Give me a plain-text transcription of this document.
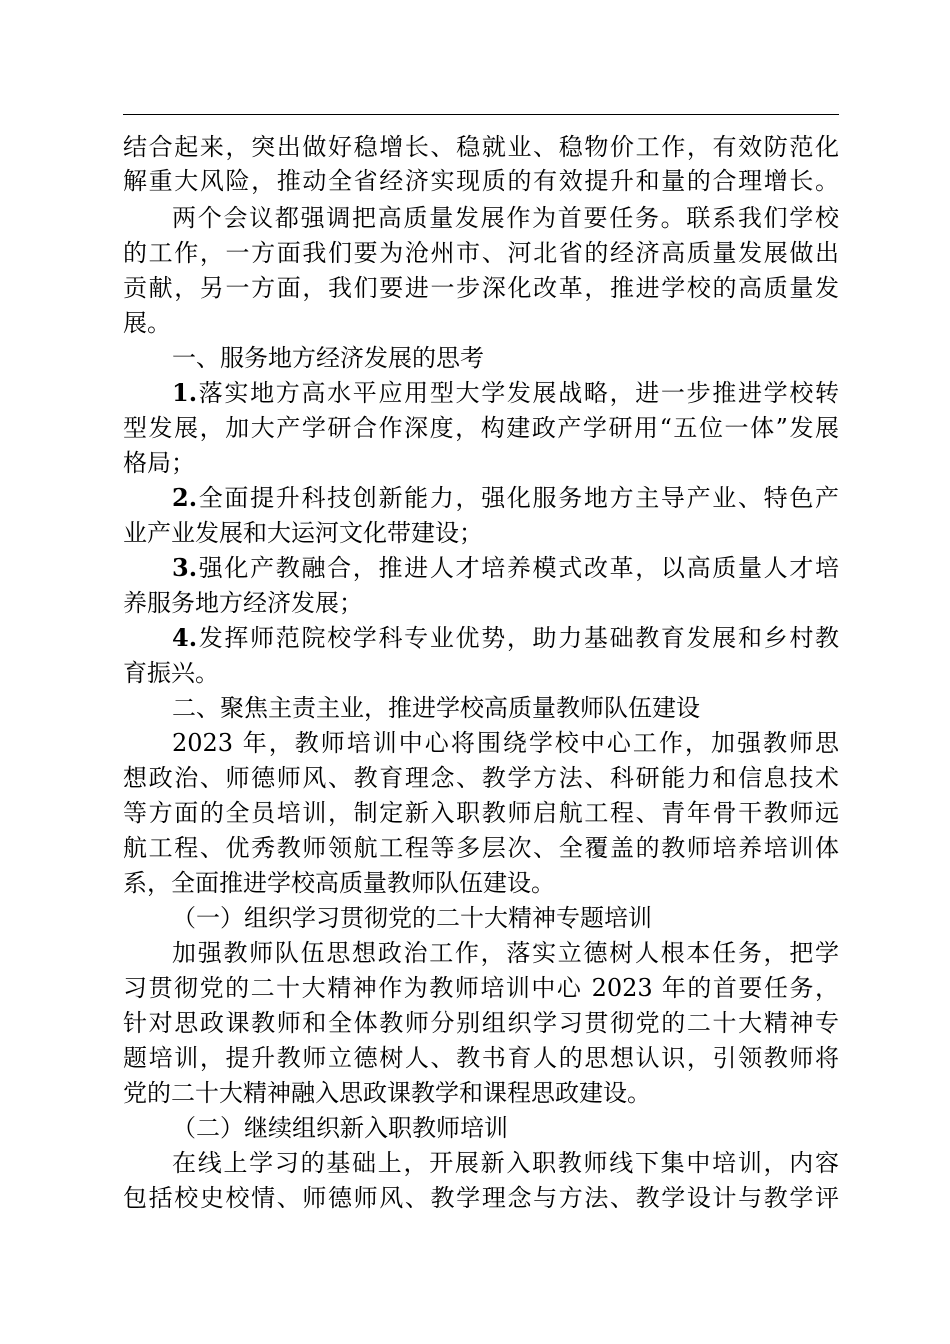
结合起来，突出做好稳增长、稳就业、稳物价工作，有效防范化
解重大风险，推动全省经济实现质的有效提升和量的合理增长。
两个会议都强调把高质量发展作为首要任务。联系我们学校
的工作，一方面我们要为沧州市、河北省的经济高质量发展做出
贡献，另一方面，我们要进一步深化改革，推进学校的高质量发
展。
一、服务地方经济发展的思考
1.落实地方高水平应用型大学发展战略，进一步推进学校转
型发展，加大产学研合作深度，构建政产学研用“五位一体”发展
格局；
2.全面提升科技创新能力，强化服务地方主导产业、特色产
业产业发展和大运河文化带建设；
3.强化产教融合，推进人才培养模式改革，以高质量人才培
养服务地方经济发展；
4.发挥师范院校学科专业优势，助力基础教育发展和乡村教
育振兴。
二、聚焦主责主业，推进学校高质量教师队伍建设
2023 年，教师培训中心将围绕学校中心工作，加强教师思
想政治、师德师风、教育理念、教学方法、科研能力和信息技术
等方面的全员培训，制定新入职教师启航工程、青年骨干教师远
航工程、优秀教师领航工程等多层次、全覆盖的教师培养培训体
系，全面推进学校高质量教师队伍建设。
（一）组织学习贯彻党的二十大精神专题培训
加强教师队伍思想政治工作，落实立德树人根本任务，把学
习贯彻党的二十大精神作为教师培训中心 2023 年的首要任务，
针对思政课教师和全体教师分别组织学习贯彻党的二十大精神专
题培训，提升教师立德树人、教书育人的思想认识，引领教师将
党的二十大精神融入思政课教学和课程思政建设。
（二）继续组织新入职教师培训
在线上学习的基础上，开展新入职教师线下集中培训，内容
包括校史校情、师德师风、教学理念与方法、教学设计与教学评
